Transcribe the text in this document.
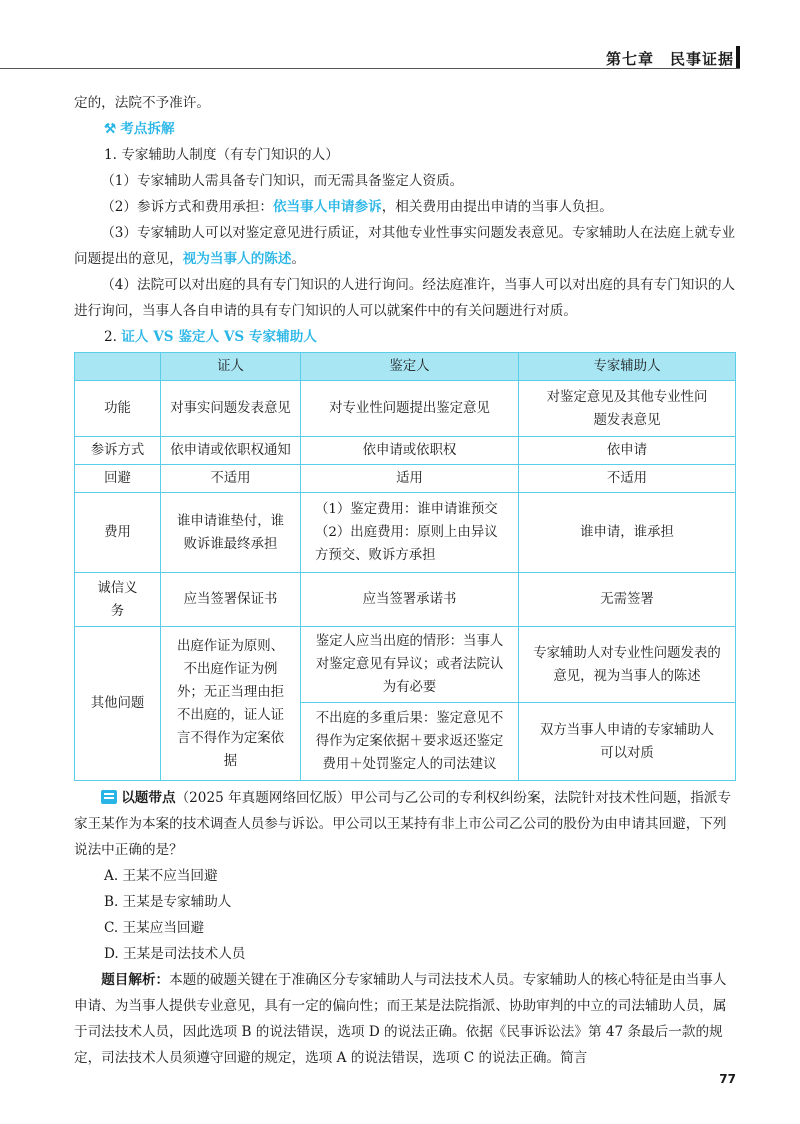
第七章　民事证据

定的，法院不予准许。

⚒ 考点拆解

1. 专家辅助人制度（有专门知识的人）

（1）专家辅助人需具备专门知识，而无需具备鉴定人资质。

（2）参诉方式和费用承担：依当事人申请参诉，相关费用由提出申请的当事人负担。

（3）专家辅助人可以对鉴定意见进行质证，对其他专业性事实问题发表意见。专家辅助人在法庭上就专业问题提出的意见，视为当事人的陈述。

（4）法院可以对出庭的具有专门知识的人进行询问。经法庭准许，当事人可以对出庭的具有专门知识的人进行询问，当事人各自申请的具有专门知识的人可以就案件中的有关问题进行对质。

2. 证人 VS 鉴定人 VS 专家辅助人

	证人	鉴定人	专家辅助人
功能	对事实问题发表意见	对专业性问题提出鉴定意见	对鉴定意见及其他专业性问题发表意见
参诉方式	依申请或依职权通知	依申请或依职权	依申请
回避	不适用	适用	不适用
费用	谁申请谁垫付，谁败诉谁最终承担	（1）鉴定费用：谁申请谁预交（2）出庭费用：原则上由异议方预交、败诉方承担	谁申请，谁承担
诚信义务	应当签署保证书	应当签署承诺书	无需签署
其他问题	出庭作证为原则、不出庭作证为例外；无正当理由拒不出庭的，证人证言不得作为定案依据	鉴定人应当出庭的情形：当事人对鉴定意见有异议；或者法院认为有必要	专家辅助人对专业性问题发表的意见，视为当事人的陈述
		不出庭的多重后果：鉴定意见不得作为定案依据＋要求返还鉴定费用＋处罚鉴定人的司法建议	双方当事人申请的专家辅助人可以对质

以题带点（2025 年真题网络回忆版）甲公司与乙公司的专利权纠纷案，法院针对技术性问题，指派专家王某作为本案的技术调查人员参与诉讼。甲公司以王某持有非上市公司乙公司的股份为由申请其回避，下列说法中正确的是？

A. 王某不应当回避

B. 王某是专家辅助人

C. 王某应当回避

D. 王某是司法技术人员

题目解析：本题的破题关键在于准确区分专家辅助人与司法技术人员。专家辅助人的核心特征是由当事人申请、为当事人提供专业意见，具有一定的偏向性；而王某是法院指派、协助审判的中立的司法辅助人员，属于司法技术人员，因此选项 B 的说法错误，选项 D 的说法正确。依据《民事诉讼法》第 47 条最后一款的规定，司法技术人员须遵守回避的规定，选项 A 的说法错误，选项 C 的说法正确。简言

77
